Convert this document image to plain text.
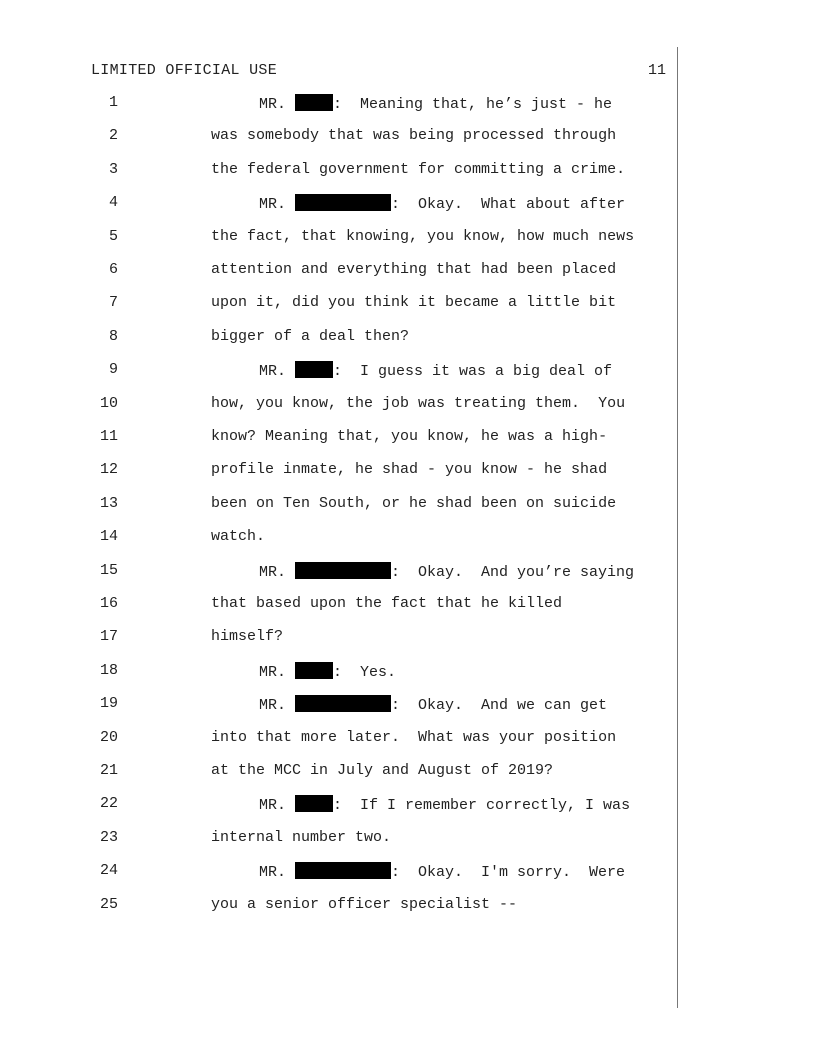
LIMITED OFFICIAL USE	11
1	MR.	:  Meaning that, he’s just - he
2	was somebody that was being processed through
3	the federal government for committing a crime.
4	MR.	:  Okay.  What about after
5	the fact, that knowing, you know, how much news
6	attention and everything that had been placed
7	upon it, did you think it became a little bit
8	bigger of a deal then?
9	MR.	:  I guess it was a big deal of
10	how, you know, the job was treating them.  You
11	know? Meaning that, you know, he was a high-
12	profile inmate, he shad - you know - he shad
13	been on Ten South, or he shad been on suicide
14	watch.
15	MR.	:  Okay.  And you’re saying
16	that based upon the fact that he killed
17	himself?
18	MR.	:  Yes.
19	MR.	:  Okay.  And we can get
20	into that more later.  What was your position
21	at the MCC in July and August of 2019?
22	MR.	:  If I remember correctly, I was
23	internal number two.
24	MR.	:  Okay.  I'm sorry.  Were
25	you a senior officer specialist --
